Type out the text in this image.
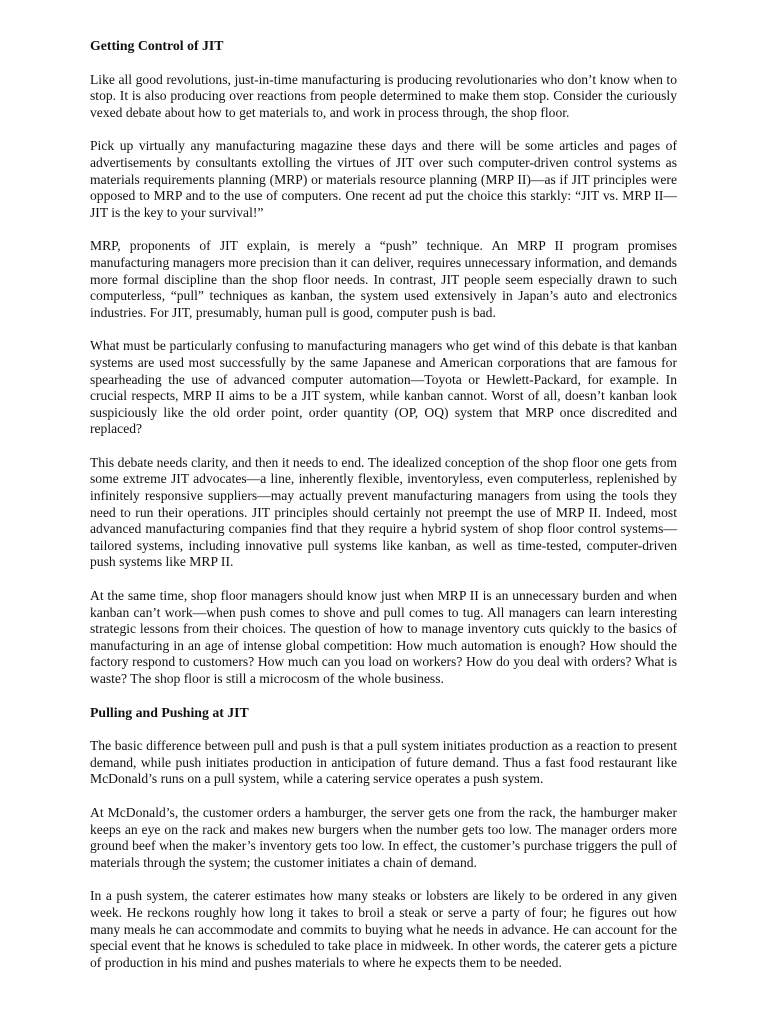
Getting Control of JIT

Like all good revolutions, just-in-time manufacturing is producing revolutionaries who don’t know when to stop. It is also producing over reactions from people determined to make them stop. Consider the curiously vexed debate about how to get materials to, and work in process through, the shop floor.

Pick up virtually any manufacturing magazine these days and there will be some articles and pages of advertisements by consultants extolling the virtues of JIT over such computer-driven control systems as materials requirements planning (MRP) or materials resource planning (MRP II)—as if JIT principles were opposed to MRP and to the use of computers. One recent ad put the choice this starkly: “JIT vs. MRP II—JIT is the key to your survival!”

MRP, proponents of JIT explain, is merely a “push” technique. An MRP II program promises manufacturing managers more precision than it can deliver, requires unnecessary information, and demands more formal discipline than the shop floor needs. In contrast, JIT people seem especially drawn to such computerless, “pull” techniques as kanban, the system used extensively in Japan’s auto and electronics industries. For JIT, presumably, human pull is good, computer push is bad.

What must be particularly confusing to manufacturing managers who get wind of this debate is that kanban systems are used most successfully by the same Japanese and American corporations that are famous for spearheading the use of advanced computer automation—Toyota or Hewlett-Packard, for example. In crucial respects, MRP II aims to be a JIT system, while kanban cannot. Worst of all, doesn’t kanban look suspiciously like the old order point, order quantity (OP, OQ) system that MRP once discredited and replaced?

This debate needs clarity, and then it needs to end. The idealized conception of the shop floor one gets from some extreme JIT advocates—a line, inherently flexible, inventoryless, even computerless, replenished by infinitely responsive suppliers—may actually prevent manufacturing managers from using the tools they need to run their operations. JIT principles should certainly not preempt the use of MRP II. Indeed, most advanced manufacturing companies find that they require a hybrid system of shop floor control systems—tailored systems, including innovative pull systems like kanban, as well as time-tested, computer-driven push systems like MRP II.

At the same time, shop floor managers should know just when MRP II is an unnecessary burden and when kanban can’t work—when push comes to shove and pull comes to tug. All managers can learn interesting strategic lessons from their choices. The question of how to manage inventory cuts quickly to the basics of manufacturing in an age of intense global competition: How much automation is enough? How should the factory respond to customers? How much can you load on workers? How do you deal with orders? What is waste? The shop floor is still a microcosm of the whole business.

Pulling and Pushing at JIT

The basic difference between pull and push is that a pull system initiates production as a reaction to present demand, while push initiates production in anticipation of future demand. Thus a fast food restaurant like McDonald’s runs on a pull system, while a catering service operates a push system.

At McDonald’s, the customer orders a hamburger, the server gets one from the rack, the hamburger maker keeps an eye on the rack and makes new burgers when the number gets too low. The manager orders more ground beef when the maker’s inventory gets too low. In effect, the customer’s purchase triggers the pull of materials through the system; the customer initiates a chain of demand.

In a push system, the caterer estimates how many steaks or lobsters are likely to be ordered in any given week. He reckons roughly how long it takes to broil a steak or serve a party of four; he figures out how many meals he can accommodate and commits to buying what he needs in advance. He can account for the special event that he knows is scheduled to take place in midweek. In other words, the caterer gets a picture of production in his mind and pushes materials to where he expects them to be needed.
